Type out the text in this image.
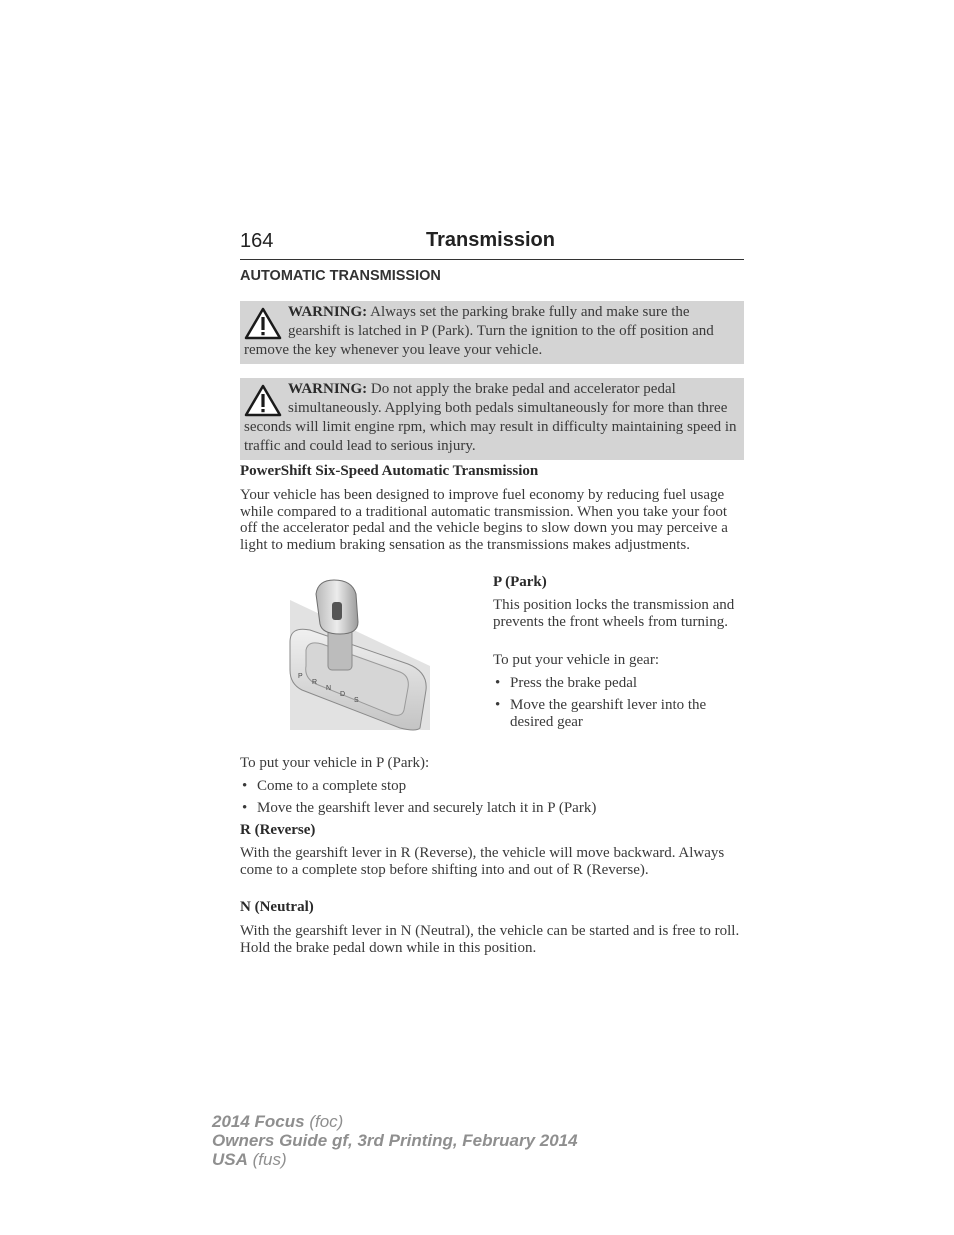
164	Transmission
AUTOMATIC TRANSMISSION
WARNING: Always set the parking brake fully and make sure the gearshift is latched in P (Park). Turn the ignition to the off position and remove the key whenever you leave your vehicle.
WARNING: Do not apply the brake pedal and accelerator pedal simultaneously. Applying both pedals simultaneously for more than three seconds will limit engine rpm, which may result in difficulty maintaining speed in traffic and could lead to serious injury.
PowerShift Six-Speed Automatic Transmission

Your vehicle has been designed to improve fuel economy by reducing fuel usage while compared to a traditional automatic transmission. When you take your foot off the accelerator pedal and the vehicle begins to slow down you may perceive a light to medium braking sensation as the transmissions makes adjustments.

P
R
N
D
S
P (Park)

This position locks the transmission and prevents the front wheels from turning.

To put your vehicle in gear:

• Press the brake pedal
• Move the gearshift lever into the desired gear

To put your vehicle in P (Park):

• Come to a complete stop
• Move the gearshift lever and securely latch it in P (Park)
R (Reverse)

With the gearshift lever in R (Reverse), the vehicle will move backward. Always come to a complete stop before shifting into and out of R (Reverse).

N (Neutral)

With the gearshift lever in N (Neutral), the vehicle can be started and is free to roll. Hold the brake pedal down while in this position.

2014 Focus (foc)
Owners Guide gf, 3rd Printing, February 2014
USA (fus)
